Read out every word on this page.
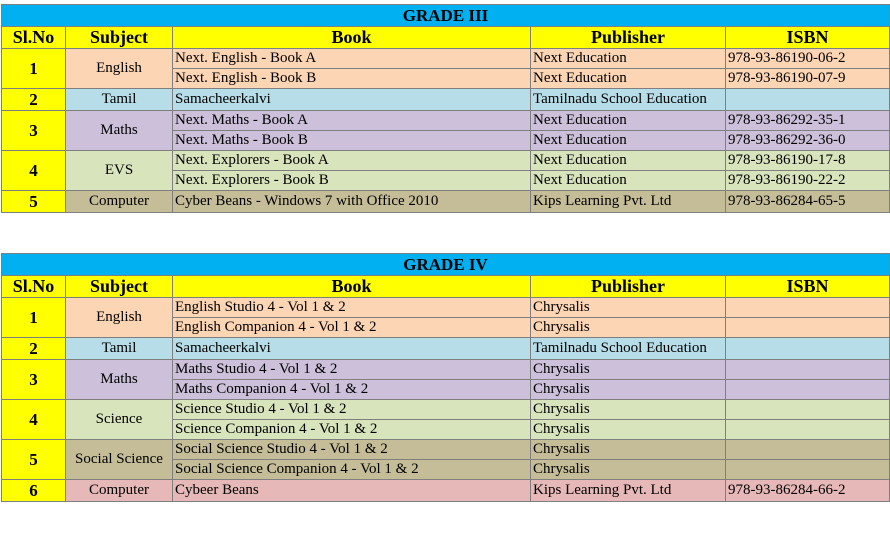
GRADE III				
Sl.No	Subject	Book	Publisher	ISBN
1	English	Next. English - Book A	Next Education	978-93-86190-06-2
		Next. English - Book B	Next Education	978-93-86190-07-9
2	Tamil	Samacheerkalvi	Tamilnadu School Education	
3	Maths	Next. Maths - Book A	Next Education	978-93-86292-35-1
		Next. Maths - Book B	Next Education	978-93-86292-36-0
4	EVS	Next. Explorers - Book A	Next Education	978-93-86190-17-8
		Next. Explorers - Book B	Next Education	978-93-86190-22-2
5	Computer	Cyber Beans - Windows 7 with Office 2010	Kips Learning Pvt. Ltd	978-93-86284-65-5
GRADE IV				
Sl.No	Subject	Book	Publisher	ISBN
1	English	English Studio 4 - Vol 1 & 2	Chrysalis	
		English Companion 4 - Vol 1 & 2	Chrysalis	
2	Tamil	Samacheerkalvi	Tamilnadu School Education	
3	Maths	Maths Studio 4 - Vol 1 & 2	Chrysalis	
		Maths Companion 4 - Vol 1 & 2	Chrysalis	
4	Science	Science Studio 4 - Vol 1 & 2	Chrysalis	
		Science Companion 4 - Vol 1 & 2	Chrysalis	
5	Social Science	Social Science Studio 4 - Vol 1 & 2	Chrysalis	
		Social Science Companion 4 - Vol 1 & 2	Chrysalis	
6	Computer	Cybeer Beans	Kips Learning Pvt. Ltd	978-93-86284-66-2
